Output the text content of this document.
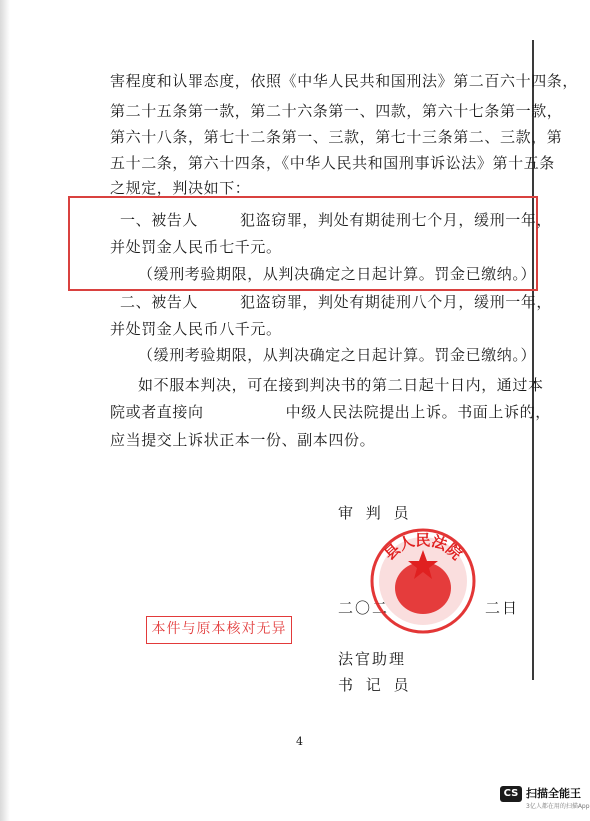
害程度和认罪态度，依照《中华人民共和国刑法》第二百六十四条，
第二十五条第一款，第二十六条第一、四款，第六十七条第一款，
第六十八条，第七十二条第一、三款，第七十三条第二、三款，第
五十二条，第六十四条，《中华人民共和国刑事诉讼法》第十五条
之规定，判决如下：
一、被告人	犯盗窃罪，判处有期徒刑七个月，缓刑一年，
并处罚金人民币七千元。
（缓刑考验期限，从判决确定之日起计算。罚金已缴纳。）
二、被告人	犯盗窃罪，判处有期徒刑八个月，缓刑一年，
并处罚金人民币八千元。
（缓刑考验期限，从判决确定之日起计算。罚金已缴纳。）
如不服本判决，可在接到判决书的第二日起十日内，通过本
院或者直接向	中级人民法院提出上诉。书面上诉的，
应当提交上诉状正本一份、副本四份。
审 判 员
二〇二	二日
法官助理
书 记 员
县人民法院
本件与原本核对无异
4
CS 扫描全能王
3亿人都在用的扫描App
